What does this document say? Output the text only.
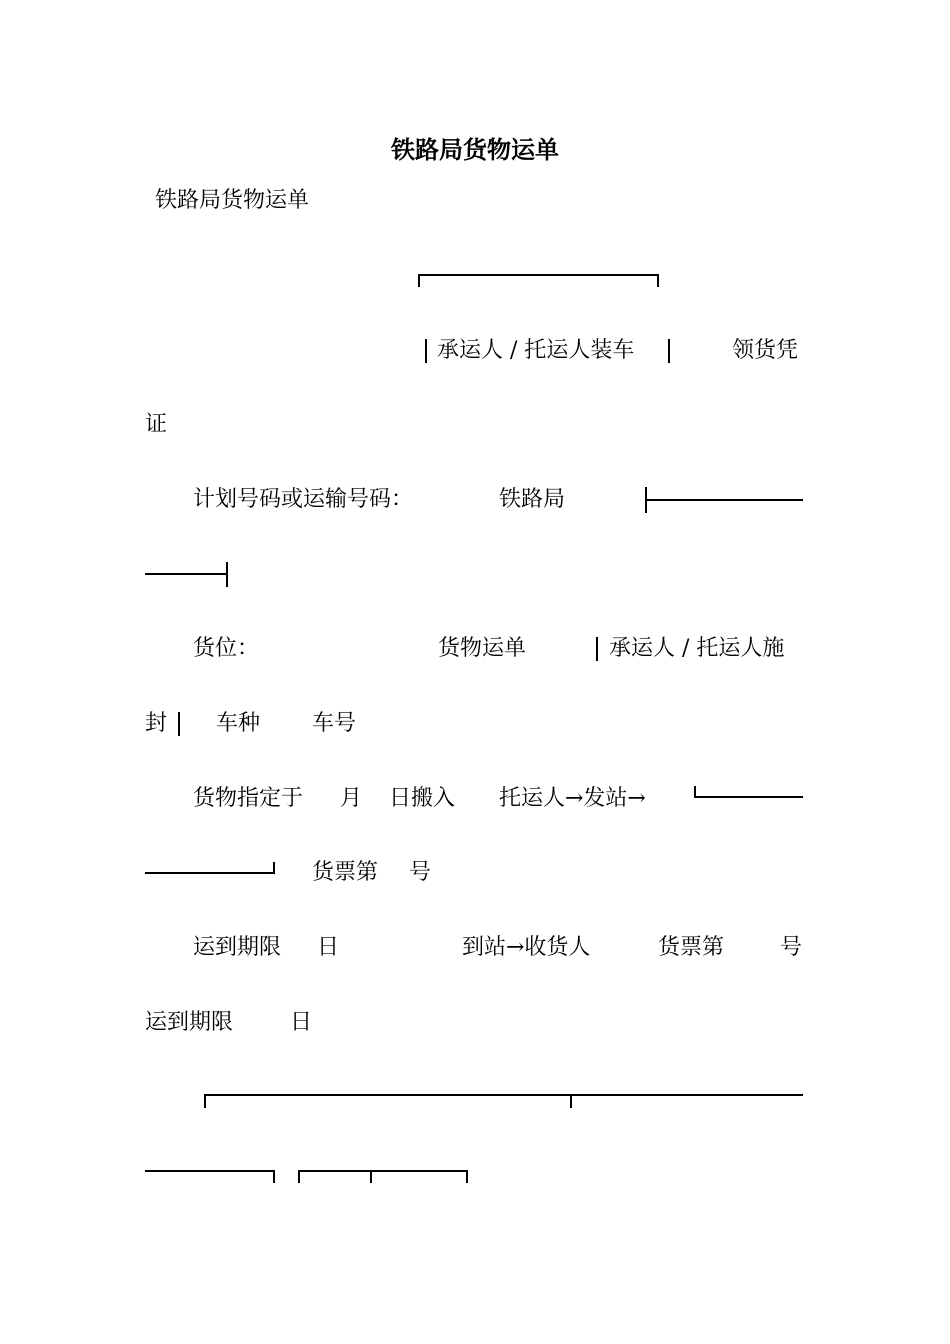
铁路局货物运单
铁路局货物运单
承运人 / 托运人装车	领货凭
证
计划号码或运输号码：	铁路局
货位：	货物运单	承运人 / 托运人施
封 车种 车号
货物指定于 月 日搬入 托运人→发站→
货票第 号
运到期限 日	到站→收货人	货票第	号
运到期限	日
